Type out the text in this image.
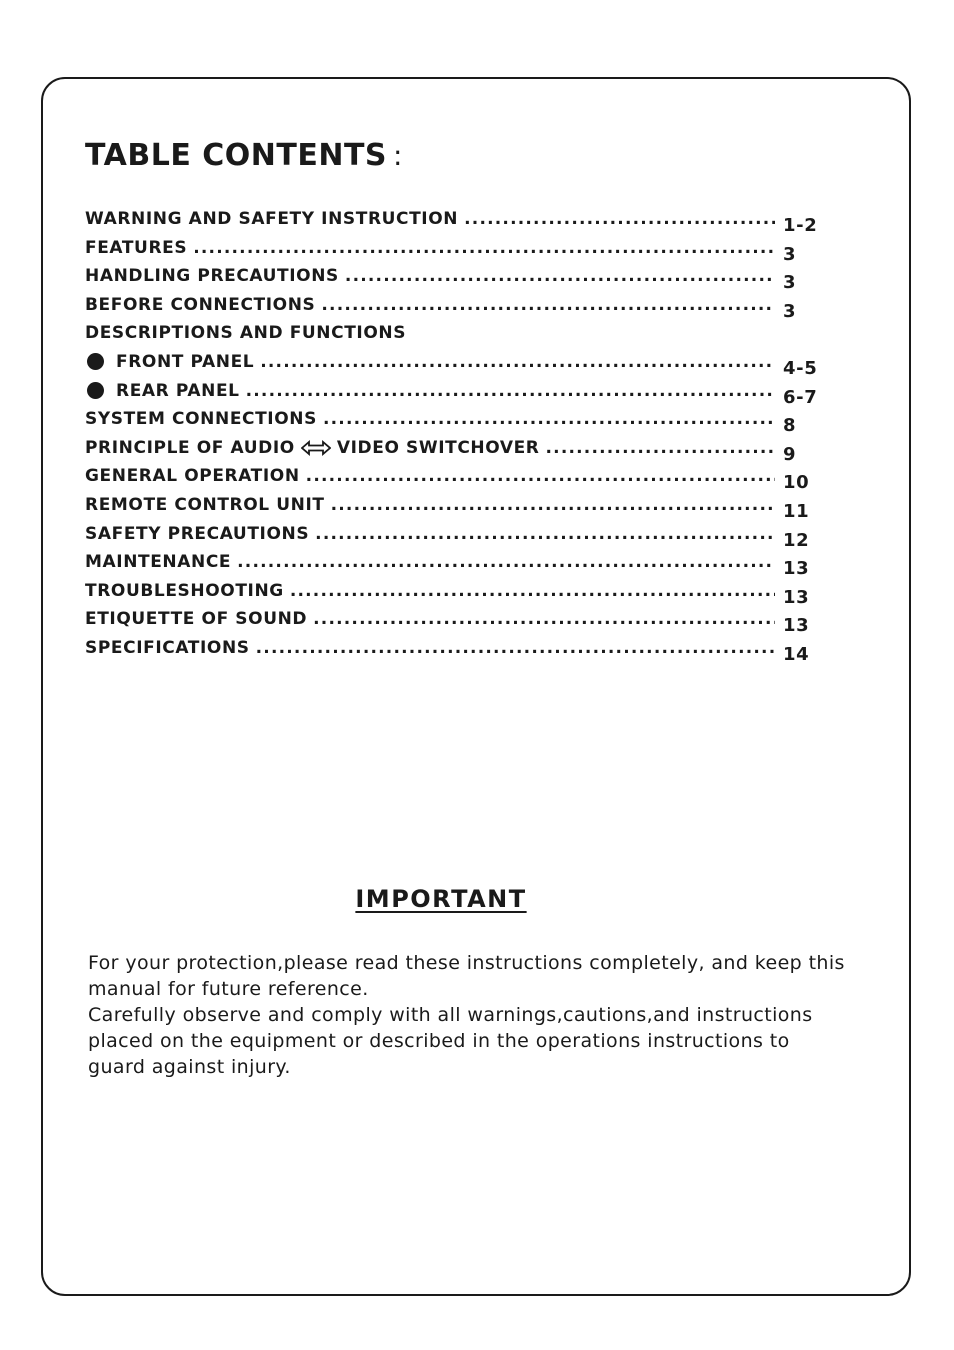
TABLE CONTENTS :
WARNING AND SAFETY INSTRUCTION .....	1-2
FEATURES .....	3
HANDLING PRECAUTIONS .....	3
BEFORE CONNECTIONS .....	3
DESCRIPTIONS AND FUNCTIONS
FRONT PANEL .....	4-5
REAR PANEL .....	6-7
SYSTEM CONNECTIONS .....	8
PRINCIPLE OF AUDIO VIDEO SWITCHOVER .....	9
GENERAL OPERATION .....	10
REMOTE CONTROL UNIT .....	11
SAFETY PRECAUTIONS .....	12
MAINTENANCE .....	13
TROUBLESHOOTING .....	13
ETIQUETTE OF SOUND .....	13
SPECIFICATIONS .....	14
IMPORTANT

For your protection,please read these instructions completely, and keep this manual for future reference.

Carefully observe and comply with all warnings,cautions,and instructions placed on the equipment or described in the operations instructions to guard against injury.
